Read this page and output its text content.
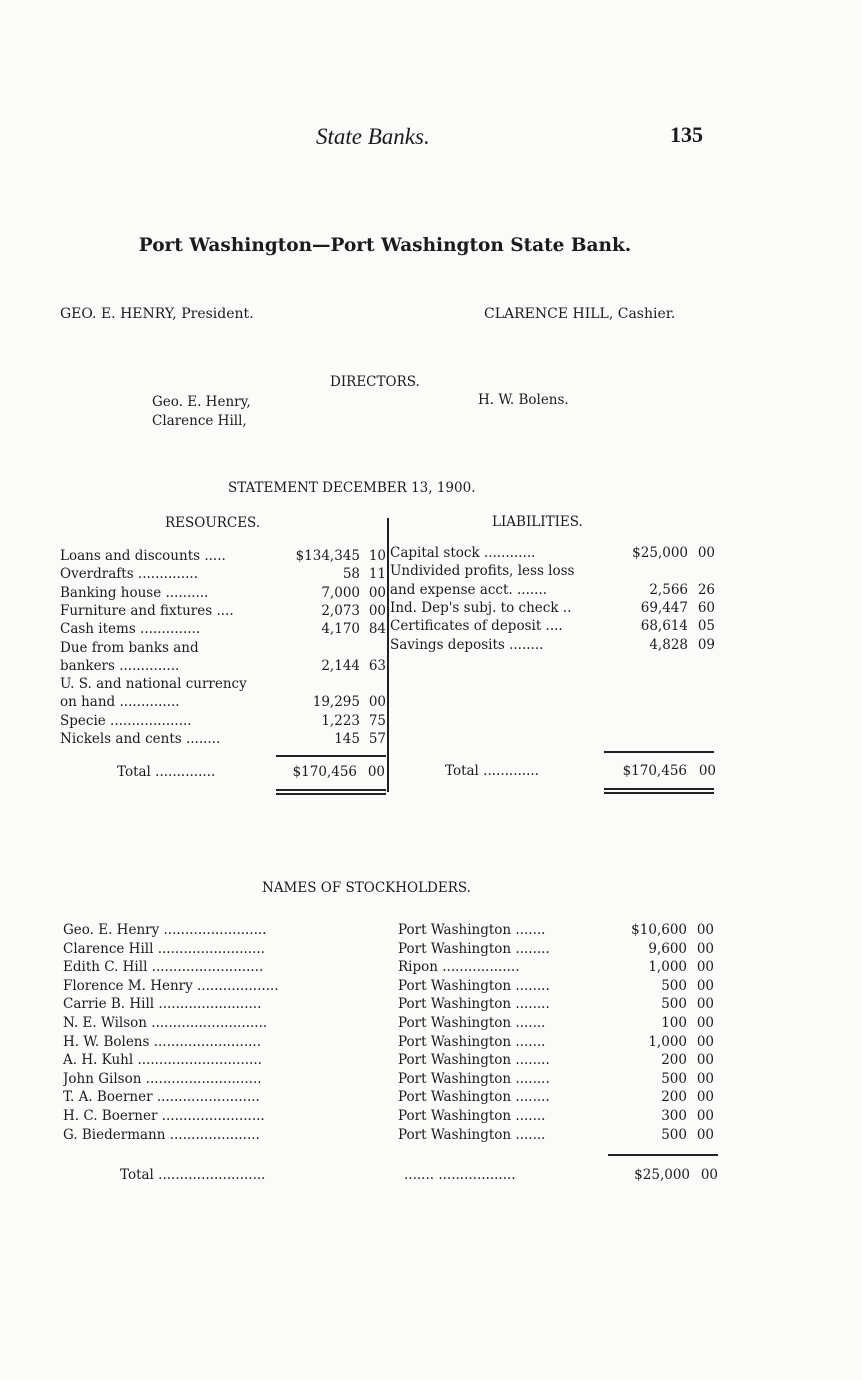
State Banks.	135
Port Washington—Port Washington State Bank.
GEO. E. HENRY, President.	CLARENCE HILL, Cashier.
DIRECTORS.
Geo. E. Henry,
Clarence Hill,
H. W. Bolens.
STATEMENT DECEMBER 13, 1900.
RESOURCES.	LIABILITIES.
Loans and discounts .....	$134,345 10
Overdrafts ..............	58 11
Banking house ..........	7,000 00
Furniture and fixtures ....	2,073 00
Cash items ..............	4,170 84
Due from banks and
bankers ..............	2,144 63
U. S. and national currency
on hand ..............	19,295 00
Specie ...................	1,223 75
Nickels and cents ........	145 57
Capital stock ............	$25,000 00
Undivided profits, less loss
and expense acct. .......	2,566 26
Ind. Dep's subj. to check ..	69,447 60
Certificates of deposit ....	68,614 05
Savings deposits ........	4,828 09
Total ..............	$170,456 00	Total .............	$170,456 00
NAMES OF STOCKHOLDERS.
Geo. E. Henry ........................	Port Washington .......	$10,600 00
Clarence Hill .........................	Port Washington ........	9,600 00
Edith C. Hill ..........................	Ripon ..................	1,000 00
Florence M. Henry ...................	Port Washington ........	500 00
Carrie B. Hill ........................	Port Washington ........	500 00
N. E. Wilson ...........................	Port Washington .......	100 00
H. W. Bolens .........................	Port Washington .......	1,000 00
A. H. Kuhl .............................	Port Washington ........	200 00
John Gilson ...........................	Port Washington ........	500 00
T. A. Boerner ........................	Port Washington ........	200 00
H. C. Boerner ........................	Port Washington .......	300 00
G. Biedermann .....................	Port Washington .......	500 00
Total .........................	....... ..................	$25,000 00
